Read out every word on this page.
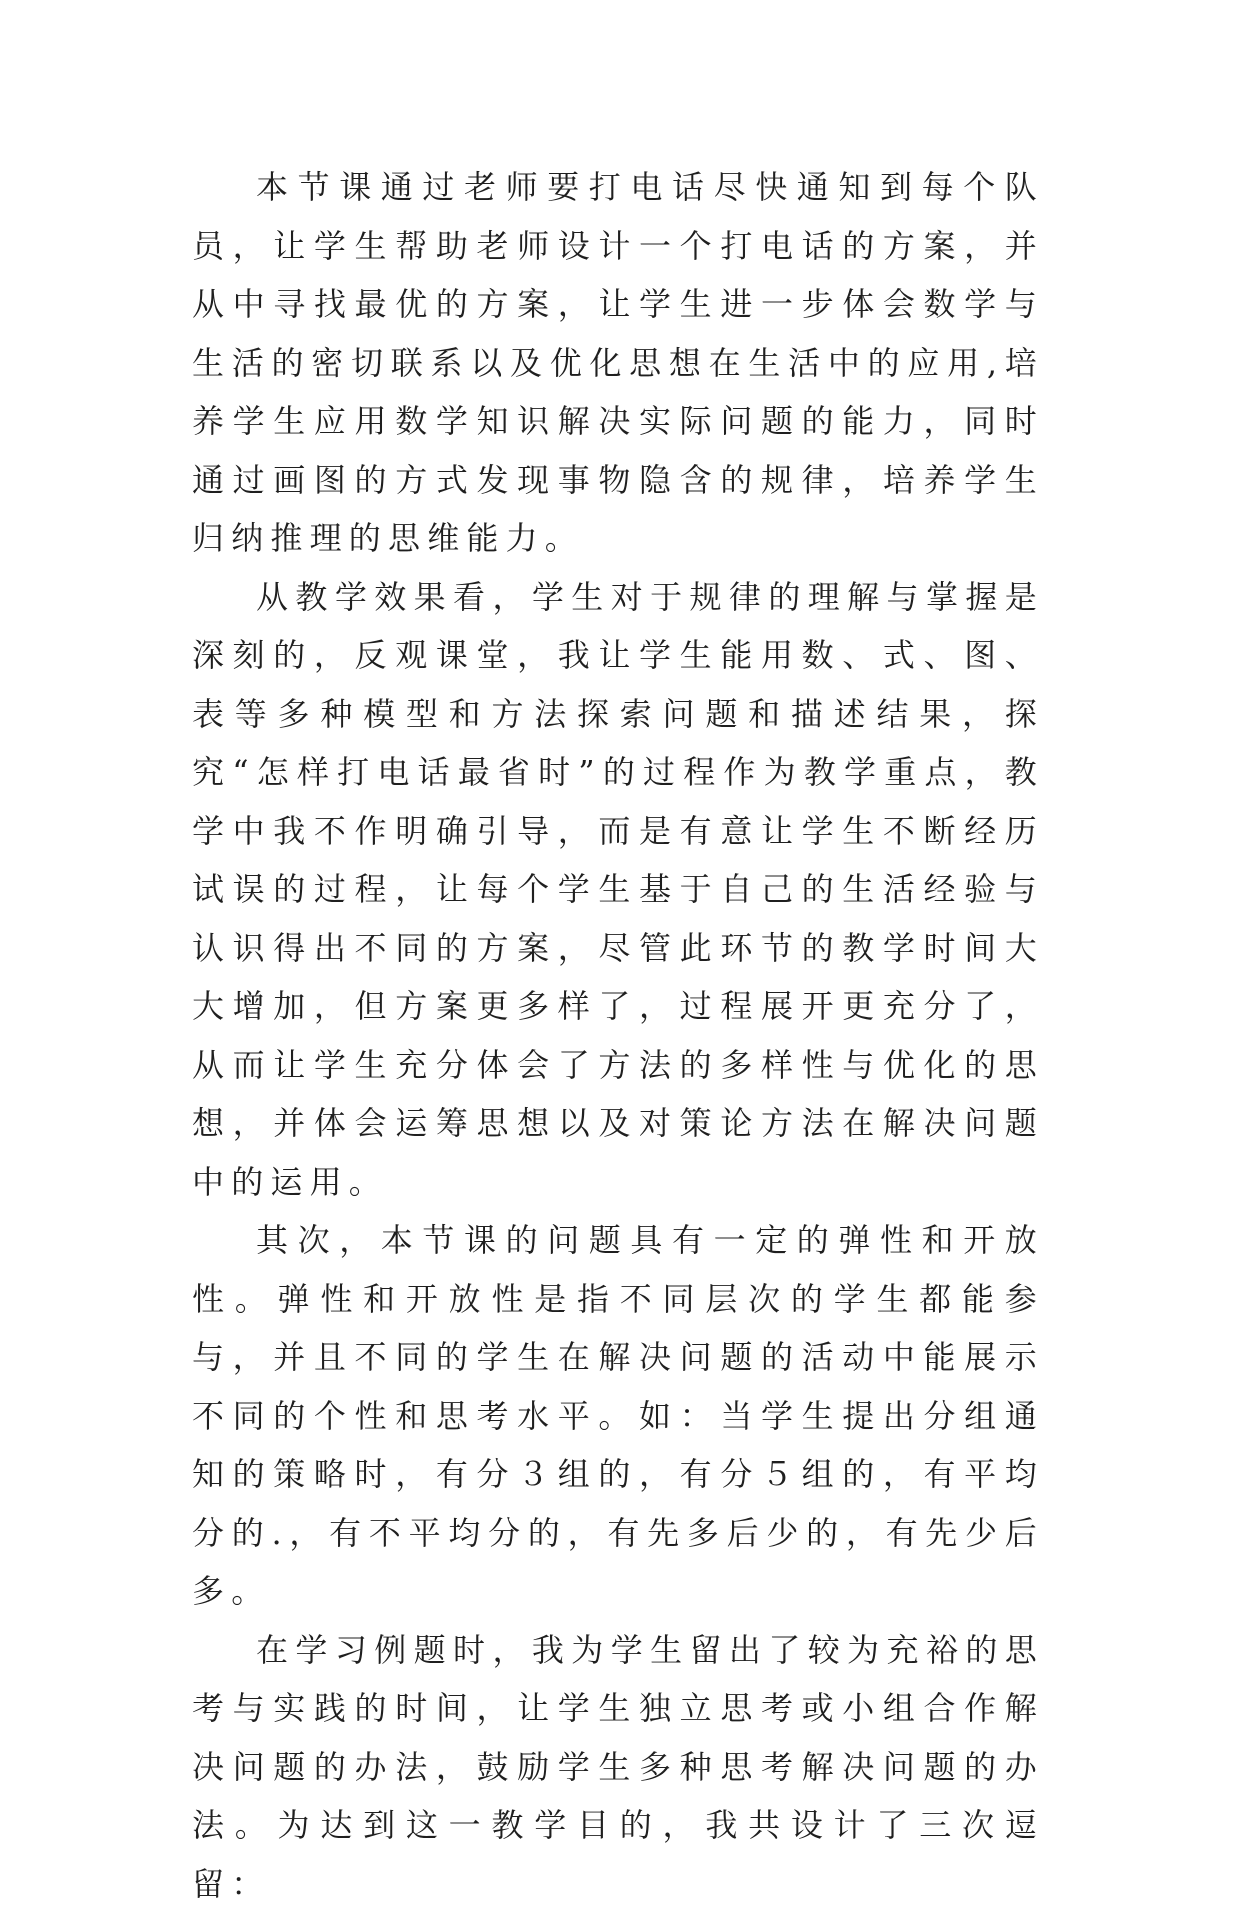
本节课通过老师要打电话尽快通知到每个队员，让学生帮助老师设计一个打电话的方案，并从中寻找最优的方案，让学生进一步体会数学与生活的密切联系以及优化思想在生活中的应用,培养学生应用数学知识解决实际问题的能力，同时通过画图的方式发现事物隐含的规律，培养学生归纳推理的思维能力。

从教学效果看，学生对于规律的理解与掌握是深刻的，反观课堂，我让学生能用数、式、图、表等多种模型和方法探索问题和描述结果，探究“怎样打电话最省时”的过程作为教学重点，教学中我不作明确引导，而是有意让学生不断经历试误的过程，让每个学生基于自己的生活经验与认识得出不同的方案，尽管此环节的教学时间大大增加，但方案更多样了，过程展开更充分了，从而让学生充分体会了方法的多样性与优化的思想，并体会运筹思想以及对策论方法在解决问题中的运用。

其次，本节课的问题具有一定的弹性和开放性。弹性和开放性是指不同层次的学生都能参与，并且不同的学生在解决问题的活动中能展示不同的个性和思考水平。如：当学生提出分组通知的策略时，有分３组的，有分５组的，有平均分的.，有不平均分的，有先多后少的，有先少后多。

在学习例题时，我为学生留出了较为充裕的思考与实践的时间，让学生独立思考或小组合作解决问题的办法，鼓励学生多种思考解决问题的办法。为达到这一教学目的，我共设计了三次逗留：
